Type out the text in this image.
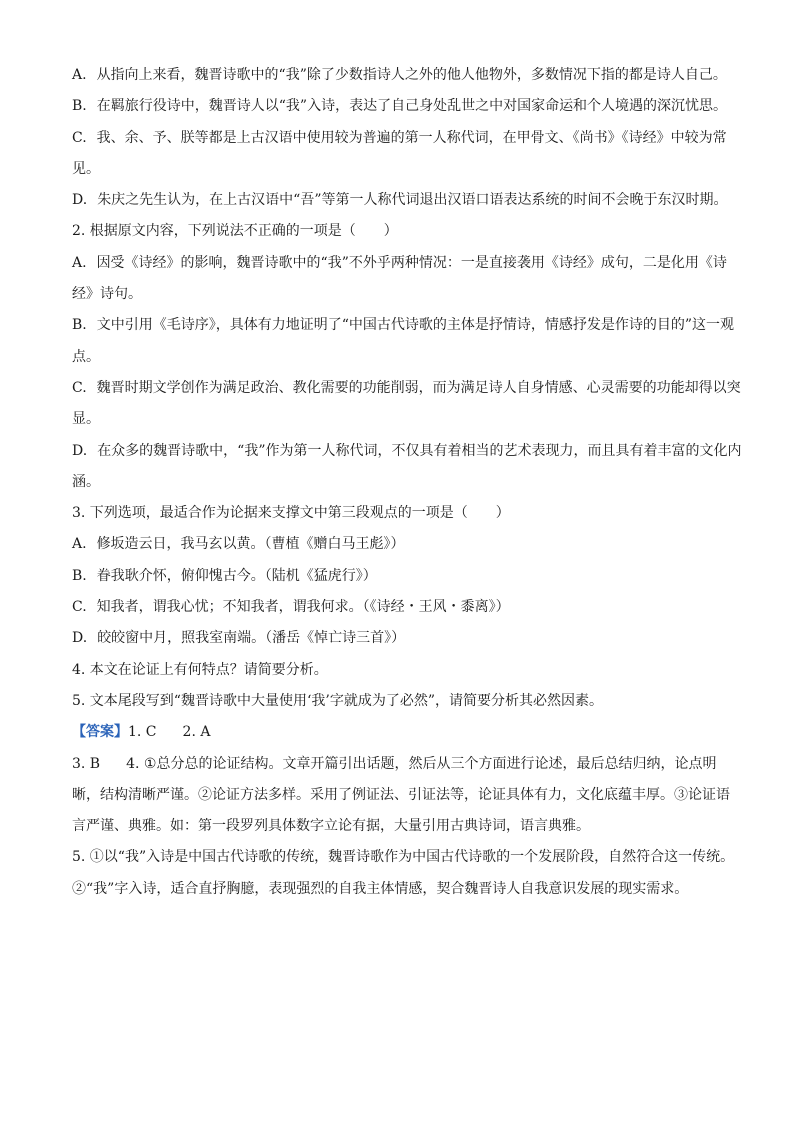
A. 从指向上来看，魏晋诗歌中的“我”除了少数指诗人之外的他人他物外，多数情况下指的都是诗人自己。

B. 在羁旅行役诗中，魏晋诗人以“我”入诗，表达了自己身处乱世之中对国家命运和个人境遇的深沉忧思。

C. 我、余、予、朕等都是上古汉语中使用较为普遍的第一人称代词，在甲骨文、《尚书》《诗经》中较为常见。

D. 朱庆之先生认为，在上古汉语中“吾”等第一人称代词退出汉语口语表达系统的时间不会晚于东汉时期。

2. 根据原文内容，下列说法不正确的一项是（　　）

A. 因受《诗经》的影响，魏晋诗歌中的“我”不外乎两种情况：一是直接袭用《诗经》成句，二是化用《诗经》诗句。

B. 文中引用《毛诗序》，具体有力地证明了“中国古代诗歌的主体是抒情诗，情感抒发是作诗的目的”这一观点。

C. 魏晋时期文学创作为满足政治、教化需要的功能削弱，而为满足诗人自身情感、心灵需要的功能却得以突显。

D. 在众多的魏晋诗歌中，“我”作为第一人称代词，不仅具有着相当的艺术表现力，而且具有着丰富的文化内涵。

3. 下列选项，最适合作为论据来支撑文中第三段观点的一项是（　　）

A. 修坂造云日，我马玄以黄。（曹植《赠白马王彪》）

B. 眷我耿介怀，俯仰愧古今。（陆机《猛虎行》）

C. 知我者，谓我心忧；不知我者，谓我何求。（《诗经・王风・黍离》）

D. 皎皎窗中月，照我室南端。（潘岳《悼亡诗三首》）

4. 本文在论证上有何特点？请简要分析。

5. 文本尾段写到“魏晋诗歌中大量使用‘我’字就成为了必然”，请简要分析其必然因素。

【答案】1. C 2. A

3. B 4. ①总分总的论证结构。文章开篇引出话题，然后从三个方面进行论述，最后总结归纳，论点明晰，结构清晰严谨。②论证方法多样。采用了例证法、引证法等，论证具体有力，文化底蕴丰厚。③论证语言严谨、典雅。如：第一段罗列具体数字立论有据，大量引用古典诗词，语言典雅。

5. ①以“我”入诗是中国古代诗歌的传统，魏晋诗歌作为中国古代诗歌的一个发展阶段，自然符合这一传统。②“我”字入诗，适合直抒胸臆，表现强烈的自我主体情感，契合魏晋诗人自我意识发展的现实需求。
